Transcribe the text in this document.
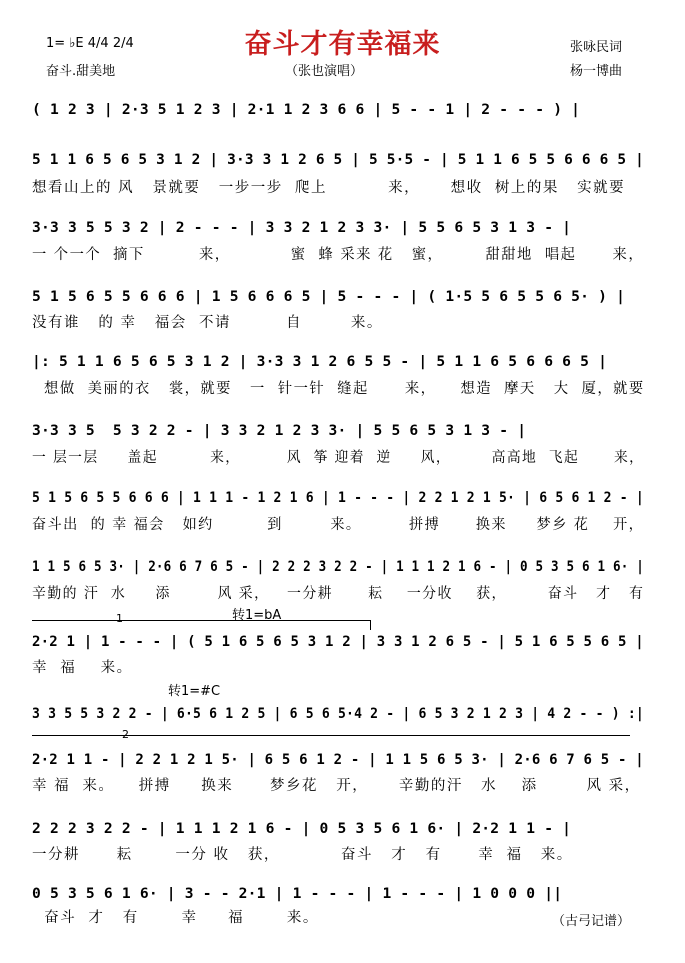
1= ♭E 4/4 2/4	奋斗才有幸福来	张咏民词
奋斗.甜美地	（张也演唱）	杨一博曲
( 1 2 3 | 2·3 5 1 2 3 | 2·1 1 2 3 6 6 | 5 - - 1 | 2 - - - ) |
5 1 1 6 5 6 5 3 1 2 | 3·3 3 1 2 6 5 | 5 5·5 - | 5 1 1 6 5 5 6 6 6 5 |
想看山上的 风   景就要   一步一步  爬上          来，     想收  树上的果   实就要
3·3 3 5 5 3 2 | 2 - - - | 3 3 2 1 2 3 3· | 5 5 6 5 3 1 3 - |
一 个一个  摘下         来，          蜜  蜂 采来 花   蜜，       甜甜地  唱起      来，
5 1 5 6 5 5 6 6 6 | 1 5 6 6 6 5 | 5 - - - | ( 1·5 5 6 5 5 6 5· ) |
没有谁   的 幸   福会  不请         自        来。
|: 5 1 1 6 5 6 5 3 1 2 | 3·3 3 1 2 6 5 5 - | 5 1 1 6 5 6 6 6 5 |
想做  美丽的衣   裳，就要   一  针一针  缝起      来，    想造  摩天   大  厦，就要
3·3 3 5  5 3 2 2 - | 3 3 2 1 2 3 3· | 5 5 6 5 3 1 3 - |
一 层一层     盖起         来，        风  筝 迎着  逆     风，       高高地  飞起      来，
5 1 5 6 5 5 6 6 6 | 1 1 1 - 1 2 1 6 | 1 - - - | 2 2 1 2 1 5· | 6 5 6 1 2 - |
奋斗出  的 幸 福会   如约         到        来。        拼搏      换来     梦乡 花    开，
1 1 5 6 5 3· | 2·6 6 7 6 5 - | 2 2 2 3 2 2 - | 1 1 1 2 1 6 - | 0 5 3 5 6 1 6· |
辛勤的 汗  水     添        风 采，   一分耕      耘    一分收    获，       奋斗   才   有
1	转1=bA
2·2 1 | 1 - - - | ( 5 1 6 5 6 5 3 1 2 | 3 3 1 2 6 5 - | 5 1 6 5 5 6 5 |
幸  福    来。
转1=#C
3 3 5 5 3 2 2 - | 6·5 6 1 2 5 | 6 5 6 5·4 2 - | 6 5 3 2 1 2 3 | 4 2 - - ) :|
2
2·2 1 1 - | 2 2 1 2 1 5· | 6 5 6 1 2 - | 1 1 5 6 5 3· | 2·6 6 7 6 5 - |
幸 福  来。    拼搏     换来      梦乡花   开，     辛勤的汗   水    添        风 采，
2 2 2 3 2 2 - | 1 1 1 2 1 6 - | 0 5 3 5 6 1 6· | 2·2 1 1 - |
一分耕      耘       一分 收   获，          奋斗   才   有      幸  福   来。
0 5 3 5 6 1 6· | 3 - - 2·1 | 1 - - - | 1 - - - | 1 0 0 0 ||
奋斗  才   有       幸     福       来。	（古弓记谱）
